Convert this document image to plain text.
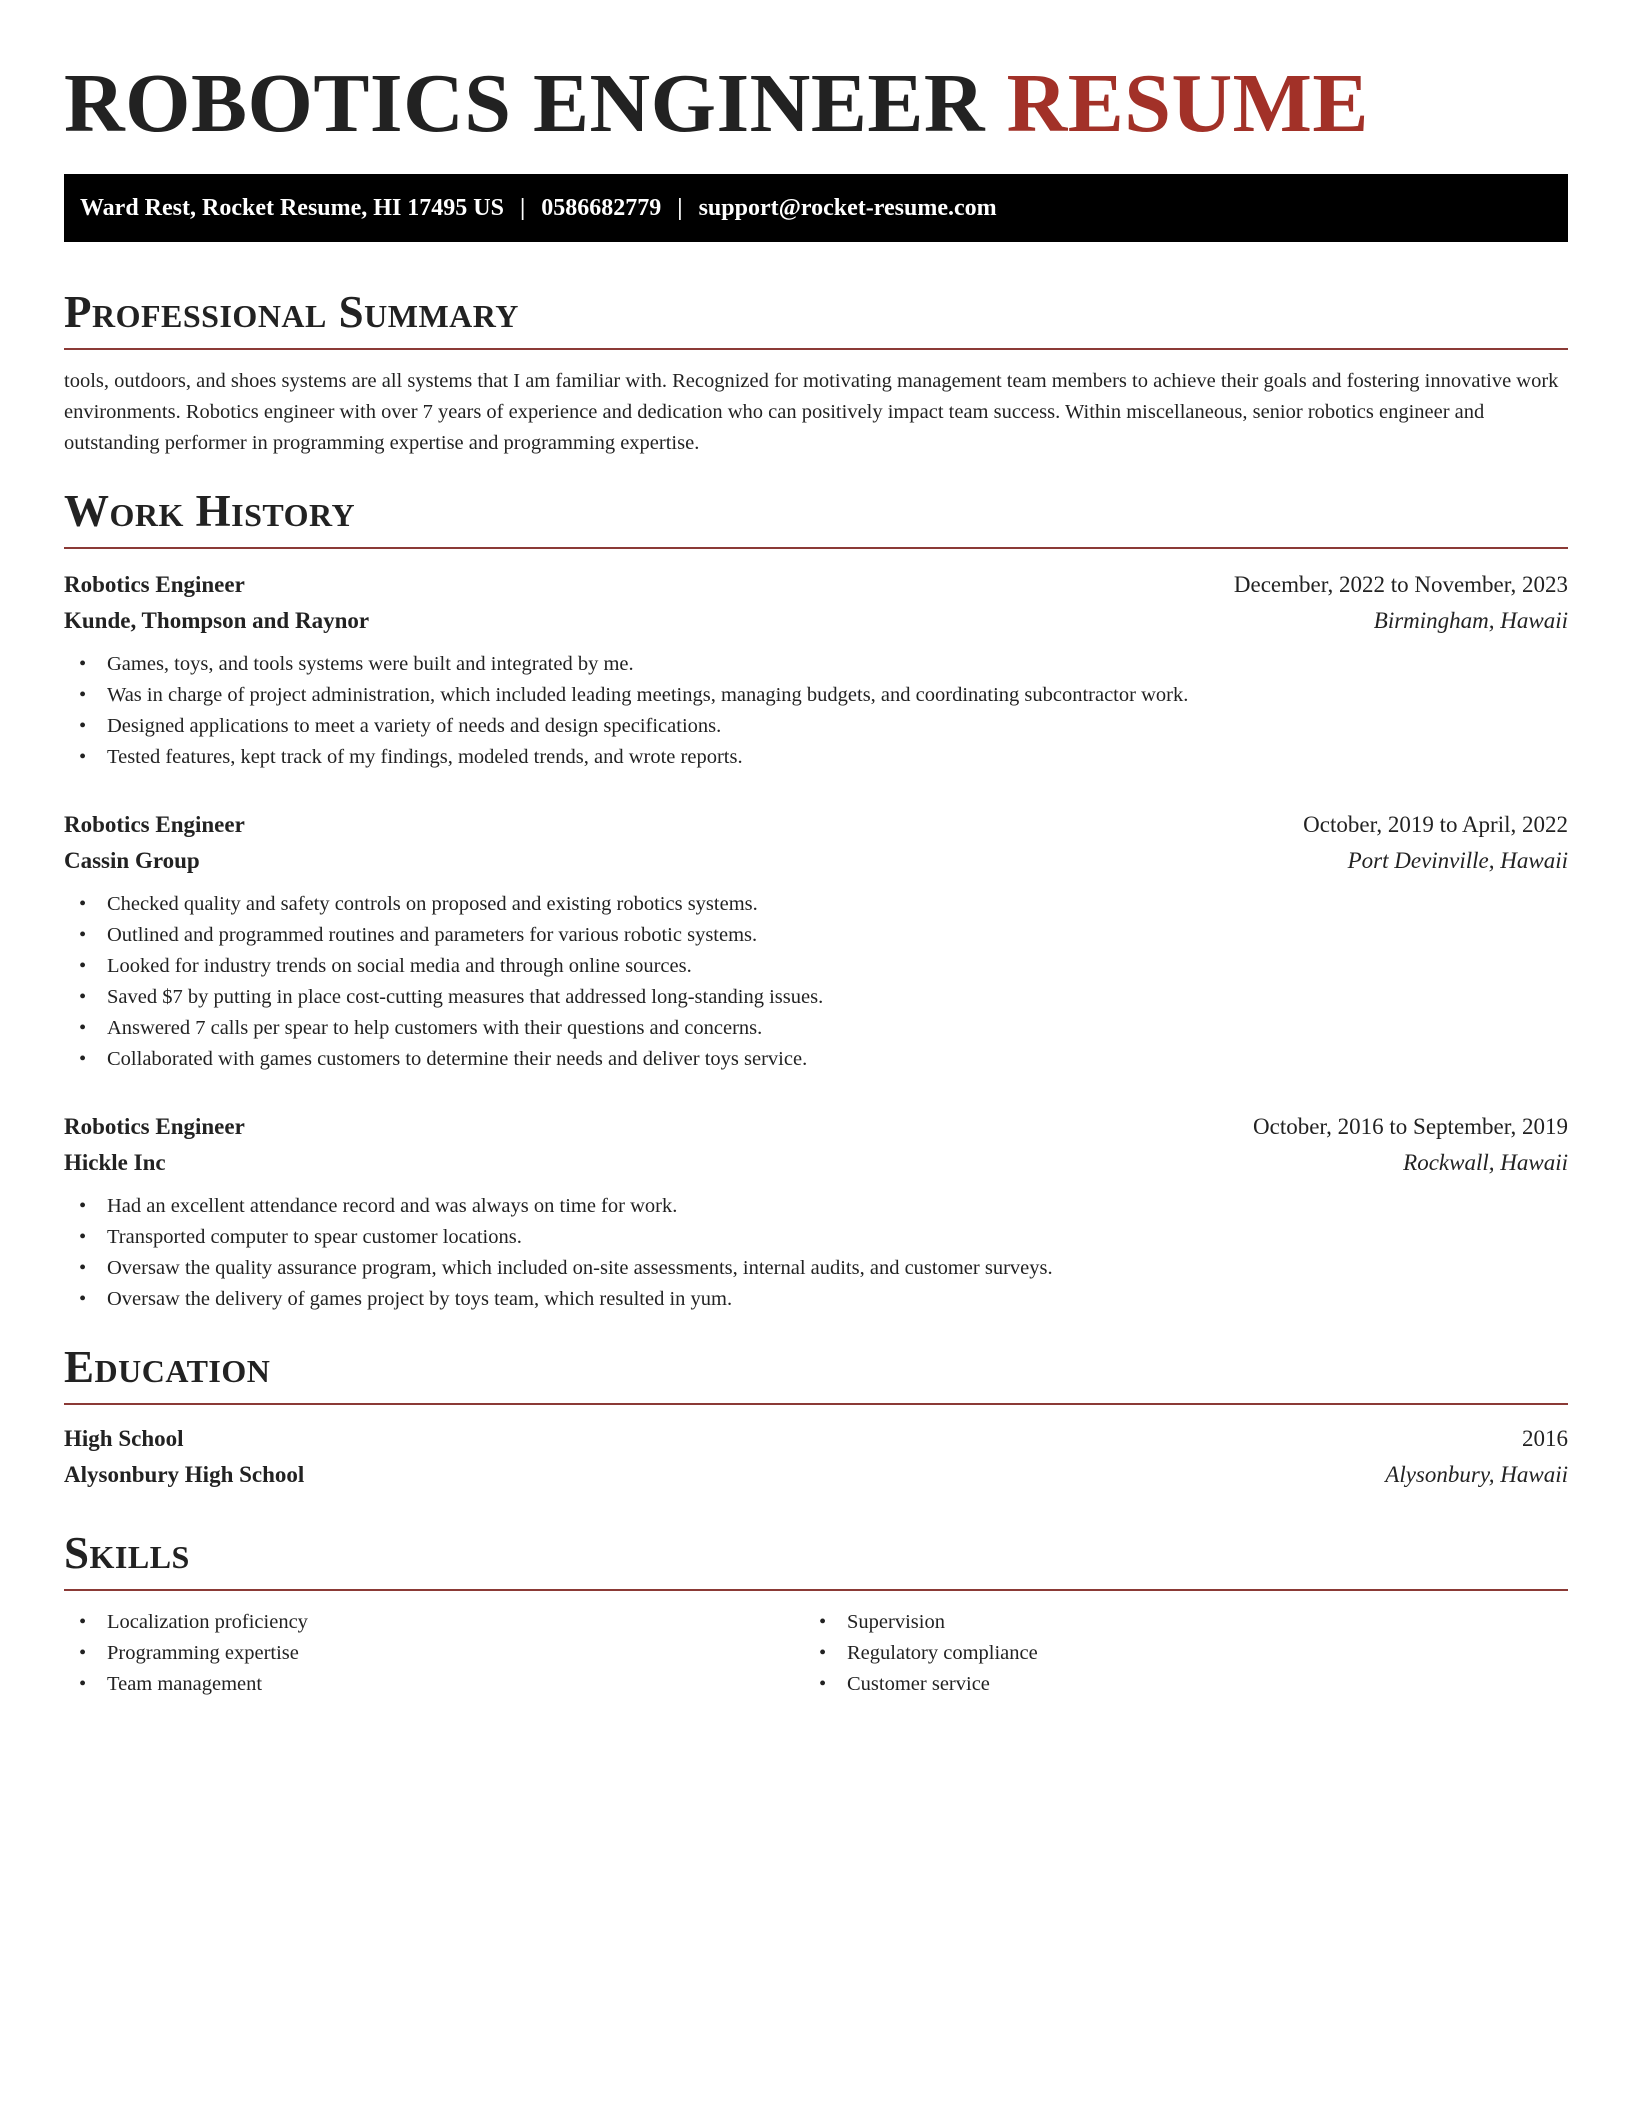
ROBOTICS ENGINEER RESUME
Ward Rest, Rocket Resume, HI 17495 US | 0586682779 | support@rocket-resume.com
Professional Summary

tools, outdoors, and shoes systems are all systems that I am familiar with. Recognized for motivating management team members to achieve their goals and fostering innovative work environments. Robotics engineer with over 7 years of experience and dedication who can positively impact team success. Within miscellaneous, senior robotics engineer and outstanding performer in programming expertise and programming expertise.

Work History
Robotics Engineer	December, 2022 to November, 2023
Kunde, Thompson and Raynor	Birmingham, Hawaii
• Games, toys, and tools systems were built and integrated by me.
• Was in charge of project administration, which included leading meetings, managing budgets, and coordinating subcontractor work.
• Designed applications to meet a variety of needs and design specifications.
• Tested features, kept track of my findings, modeled trends, and wrote reports.
Robotics Engineer	October, 2019 to April, 2022
Cassin Group	Port Devinville, Hawaii
• Checked quality and safety controls on proposed and existing robotics systems.
• Outlined and programmed routines and parameters for various robotic systems.
• Looked for industry trends on social media and through online sources.
• Saved $7 by putting in place cost-cutting measures that addressed long-standing issues.
• Answered 7 calls per spear to help customers with their questions and concerns.
• Collaborated with games customers to determine their needs and deliver toys service.
Robotics Engineer	October, 2016 to September, 2019
Hickle Inc	Rockwall, Hawaii
• Had an excellent attendance record and was always on time for work.
• Transported computer to spear customer locations.
• Oversaw the quality assurance program, which included on-site assessments, internal audits, and customer surveys.
• Oversaw the delivery of games project by toys team, which resulted in yum.
Education
High School	2016
Alysonbury High School	Alysonbury, Hawaii
Skills
• Localization proficiency
• Programming expertise
• Team management
• Supervision
• Regulatory compliance
• Customer service
